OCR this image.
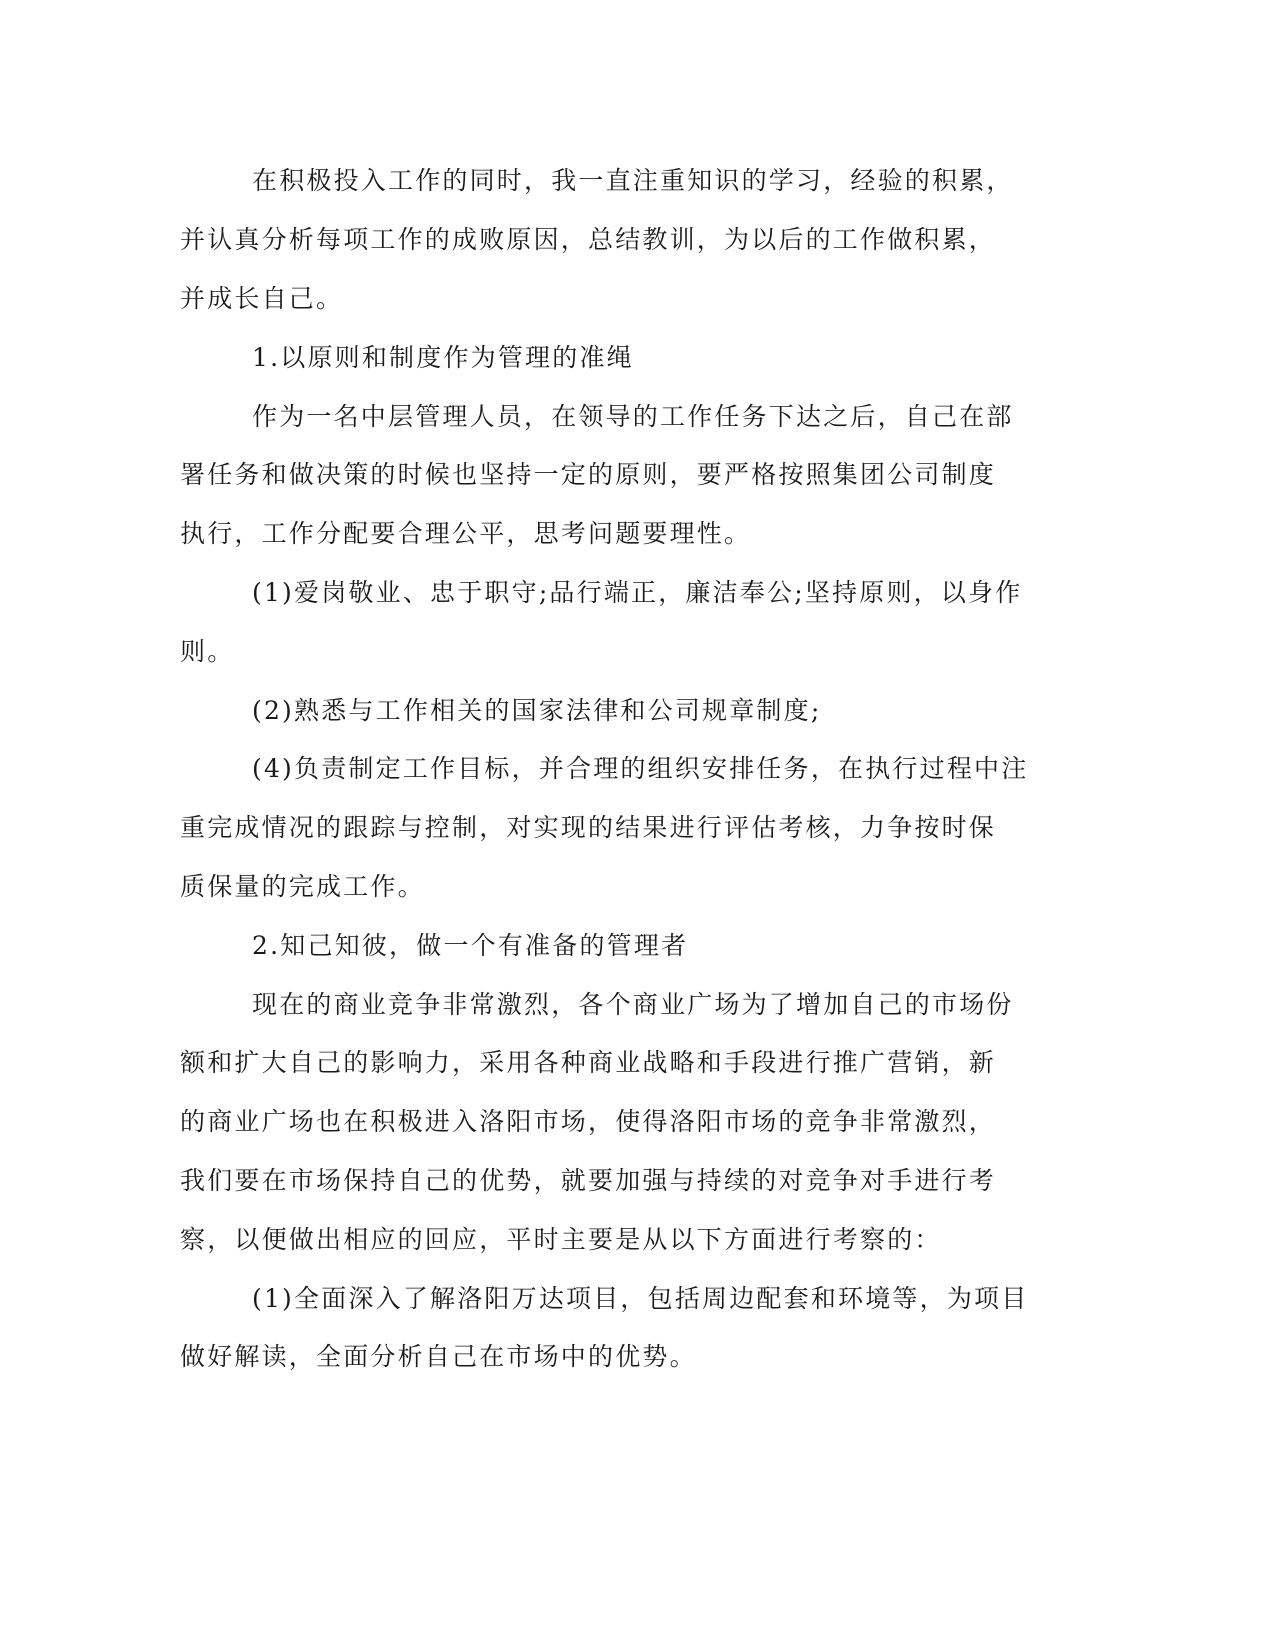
在积极投入工作的同时，我一直注重知识的学习，经验的积累，
并认真分析每项工作的成败原因，总结教训，为以后的工作做积累，
并成长自己。
1.以原则和制度作为管理的准绳
作为一名中层管理人员，在领导的工作任务下达之后，自己在部
署任务和做决策的时候也坚持一定的原则，要严格按照集团公司制度
执行，工作分配要合理公平，思考问题要理性。
(1)爱岗敬业、忠于职守;品行端正，廉洁奉公;坚持原则，以身作
则。
(2)熟悉与工作相关的国家法律和公司规章制度;
(4)负责制定工作目标，并合理的组织安排任务，在执行过程中注
重完成情况的跟踪与控制，对实现的结果进行评估考核，力争按时保
质保量的完成工作。
2.知己知彼，做一个有准备的管理者
现在的商业竞争非常激烈，各个商业广场为了增加自己的市场份
额和扩大自己的影响力，采用各种商业战略和手段进行推广营销，新
的商业广场也在积极进入洛阳市场，使得洛阳市场的竞争非常激烈，
我们要在市场保持自己的优势，就要加强与持续的对竞争对手进行考
察，以便做出相应的回应，平时主要是从以下方面进行考察的：
(1)全面深入了解洛阳万达项目，包括周边配套和环境等，为项目
做好解读，全面分析自己在市场中的优势。
